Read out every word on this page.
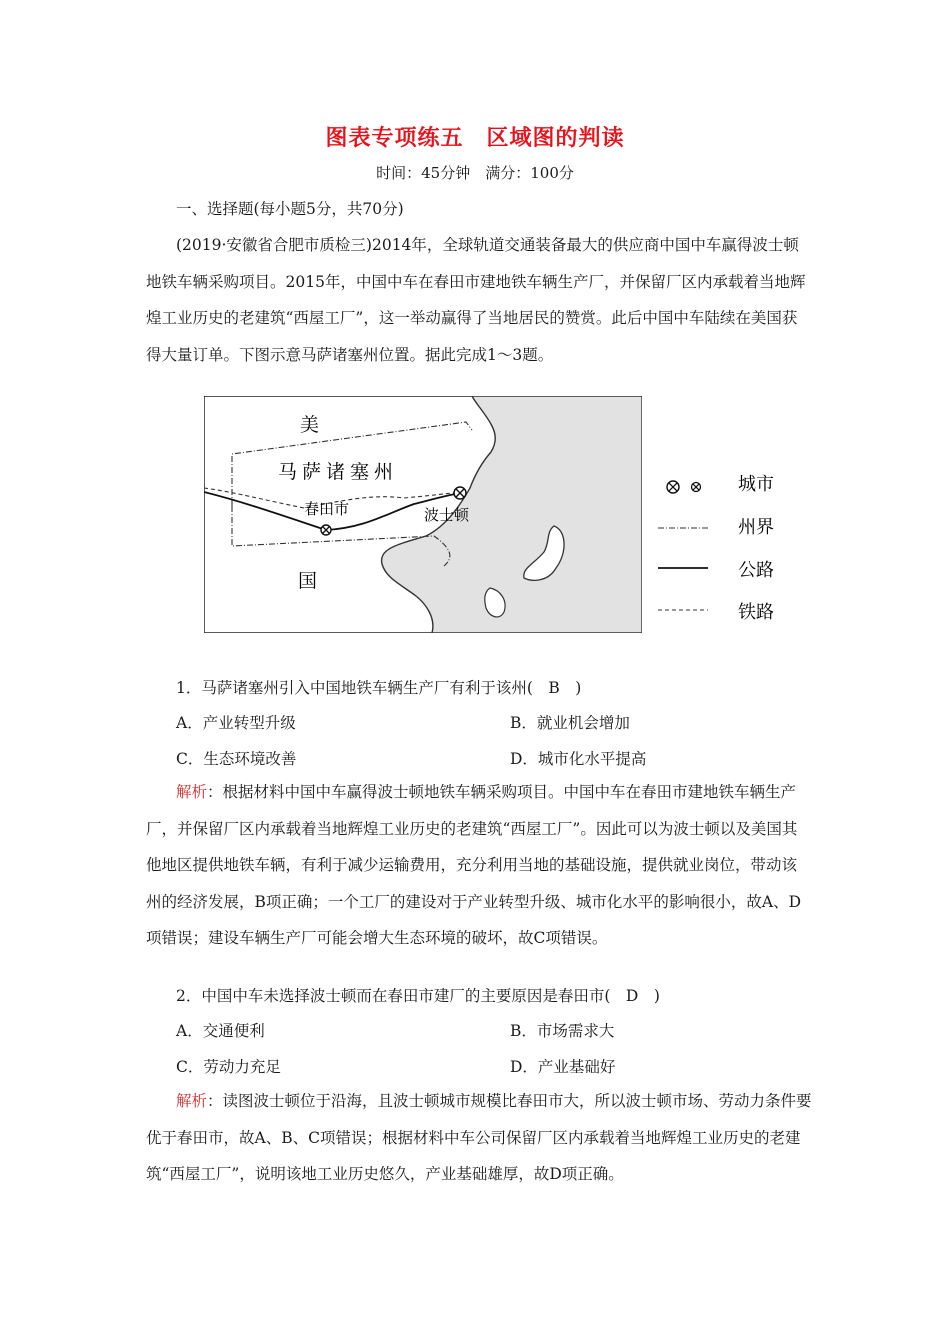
图表专项练五　区域图的判读
时间：45分钟　满分：100分
一、选择题(每小题5分，共70分)
(2019·安徽省合肥市质检三)2014年，全球轨道交通装备最大的供应商中国中车赢得波士顿地铁车辆采购项目。2015年，中国中车在春田市建地铁车辆生产厂，并保留厂区内承载着当地辉煌工业历史的老建筑“西屋工厂”，这一举动赢得了当地居民的赞赏。此后中国中车陆续在美国获得大量订单。下图示意马萨诸塞州位置。据此完成1～3题。
美
国
马萨诸塞州
春田市	波士顿
城市
州界
公路
铁路
1．马萨诸塞州引入中国地铁车辆生产厂有利于该州(　B　)
A．产业转型升级	B．就业机会增加
C．生态环境改善	D．城市化水平提高
解析：根据材料中国中车赢得波士顿地铁车辆采购项目。中国中车在春田市建地铁车辆生产厂，并保留厂区内承载着当地辉煌工业历史的老建筑“西屋工厂”。因此可以为波士顿以及美国其他地区提供地铁车辆，有利于减少运输费用，充分利用当地的基础设施，提供就业岗位，带动该州的经济发展，B项正确；一个工厂的建设对于产业转型升级、城市化水平的影响很小，故A、D项错误；建设车辆生产厂可能会增大生态环境的破坏，故C项错误。
2．中国中车未选择波士顿而在春田市建厂的主要原因是春田市(　D　)
A．交通便利	B．市场需求大
C．劳动力充足	D．产业基础好
解析：读图波士顿位于沿海，且波士顿城市规模比春田市大，所以波士顿市场、劳动力条件要优于春田市，故A、B、C项错误；根据材料中车公司保留厂区内承载着当地辉煌工业历史的老建筑“西屋工厂”，说明该地工业历史悠久，产业基础雄厚，故D项正确。
